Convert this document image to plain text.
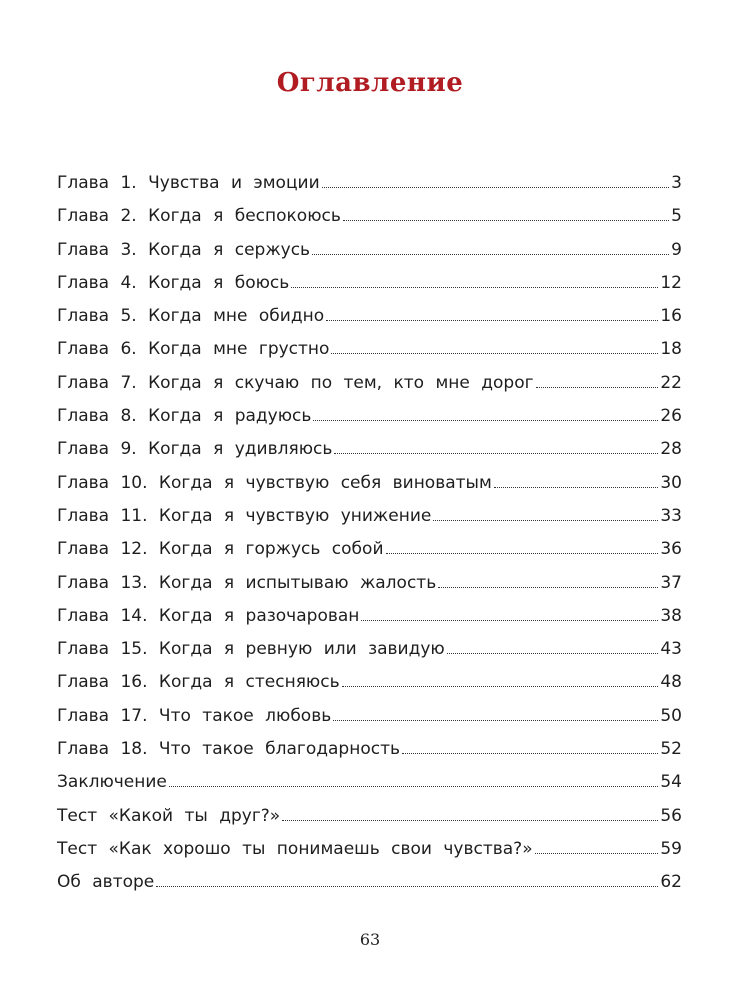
Оглавление
Глава 1. Чувства и эмоции	3
Глава 2. Когда я беспокоюсь	5
Глава 3. Когда я сержусь	9
Глава 4. Когда я боюсь	12
Глава 5. Когда мне обидно	16
Глава 6. Когда мне грустно	18
Глава 7. Когда я скучаю по тем, кто мне дорог	22
Глава 8. Когда я радуюсь	26
Глава 9. Когда я удивляюсь	28
Глава 10. Когда я чувствую себя виноватым	30
Глава 11. Когда я чувствую унижение	33
Глава 12. Когда я горжусь собой	36
Глава 13. Когда я испытываю жалость	37
Глава 14. Когда я разочарован	38
Глава 15. Когда я ревную или завидую	43
Глава 16. Когда я стесняюсь	48
Глава 17. Что такое любовь	50
Глава 18. Что такое благодарность	52
Заключение	54
Тест «Какой ты друг?»	56
Тест «Как хорошо ты понимаешь свои чувства?»	59
Об авторе	62
63
